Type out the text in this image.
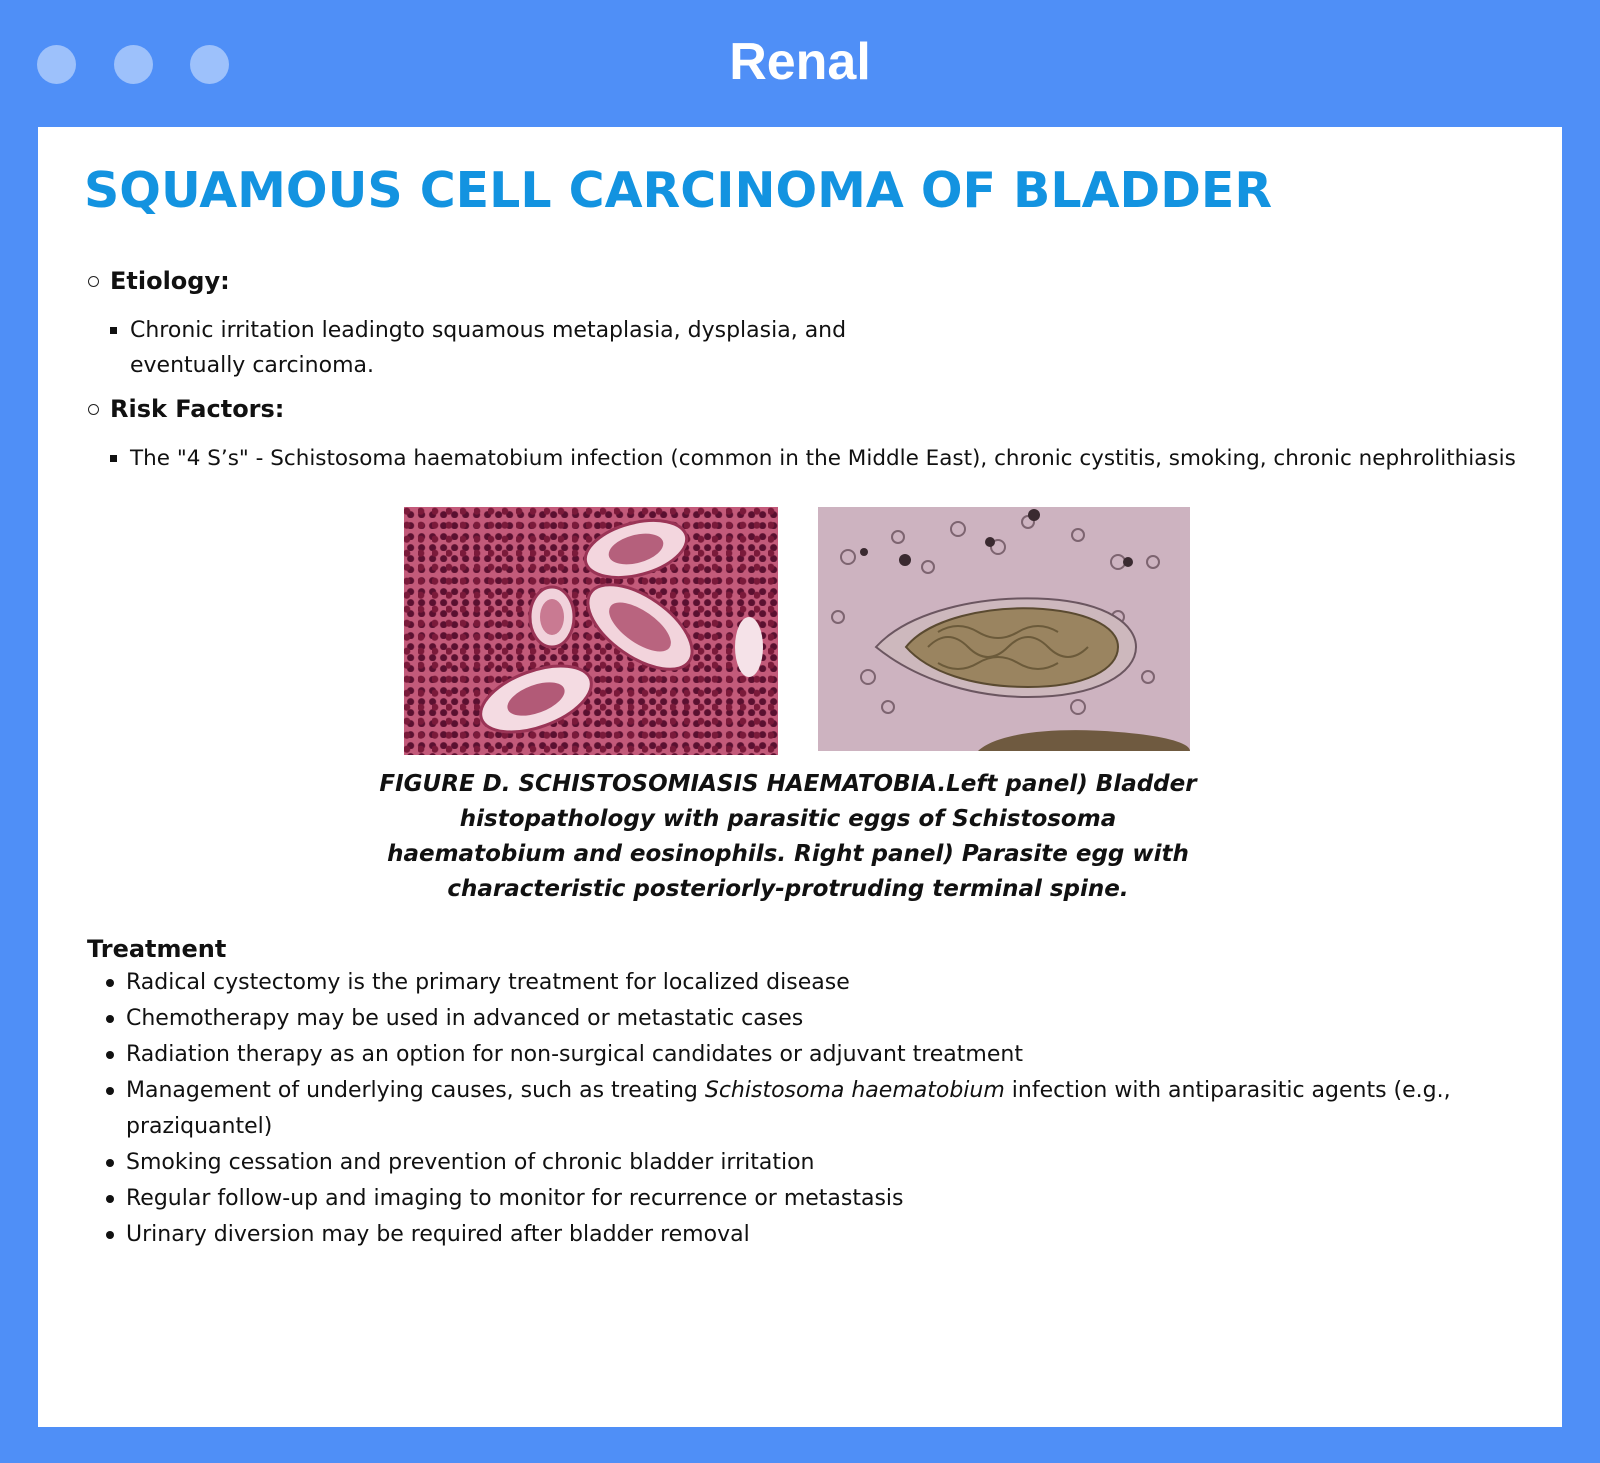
Renal
SQUAMOUS CELL CARCINOMA OF BLADDER
Etiology:
Chronic irritation leadingto squamous metaplasia, dysplasia, and eventually carcinoma.
Risk Factors:
The "4 S’s" - Schistosoma haematobium infection (common in the Middle East), chronic cystitis, smoking, chronic nephrolithiasis
FIGURE D. SCHISTOSOMIASIS HAEMATOBIA.Left panel) Bladder histopathology with parasitic eggs of Schistosoma haematobium and eosinophils. Right panel) Parasite egg with characteristic posteriorly-protruding terminal spine.
Treatment
Radical cystectomy is the primary treatment for localized disease
Chemotherapy may be used in advanced or metastatic cases
Radiation therapy as an option for non-surgical candidates or adjuvant treatment
Management of underlying causes, such as treating Schistosoma haematobium infection with antiparasitic agents (e.g., praziquantel)
Smoking cessation and prevention of chronic bladder irritation
Regular follow-up and imaging to monitor for recurrence or metastasis
Urinary diversion may be required after bladder removal
